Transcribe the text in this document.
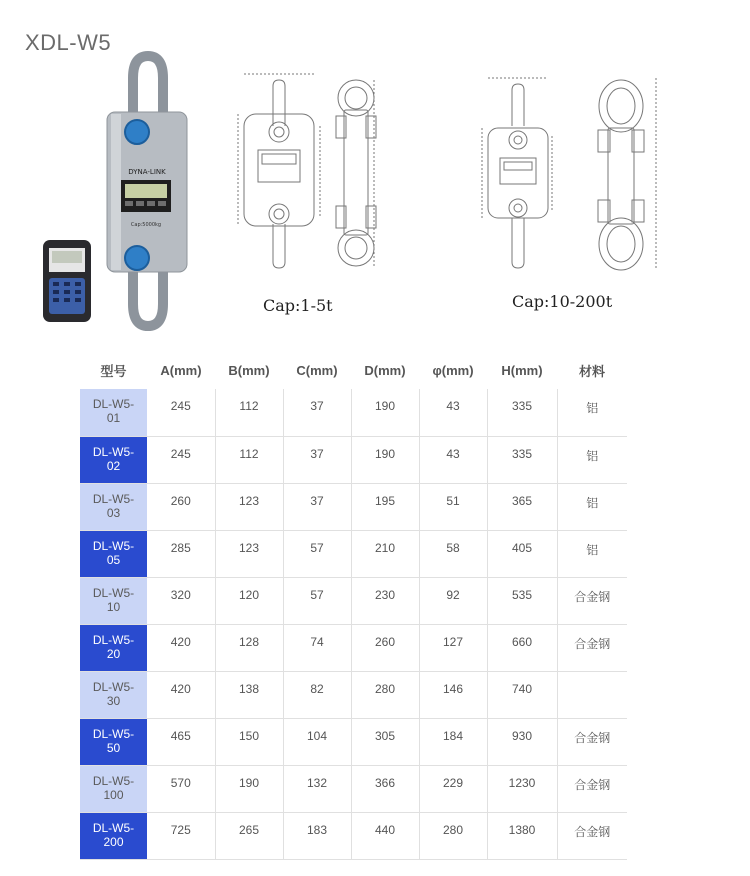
XDL-W5
DYNA-LINK
Cap:5000kg
Cap:1-5t	Cap:10-200t
型号	A(mm)	B(mm)	C(mm)	D(mm)	φ(mm)	H(mm)	材料

DL-W5-
01	245	112	37	190	43	335	铝

DL-W5-
02	245	112	37	190	43	335	铝

DL-W5-
03	260	123	37	195	51	365	铝

DL-W5-
05	285	123	57	210	58	405	铝

DL-W5-
10	320	120	57	230	92	535	合金钢

DL-W5-
20	420	128	74	260	127	660	合金钢

DL-W5-
30	420	138	82	280	146	740	

DL-W5-
50	465	150	104	305	184	930	合金钢

DL-W5-
100	570	190	132	366	229	1230	合金钢

DL-W5-
200	725	265	183	440	280	1380	合金钢
